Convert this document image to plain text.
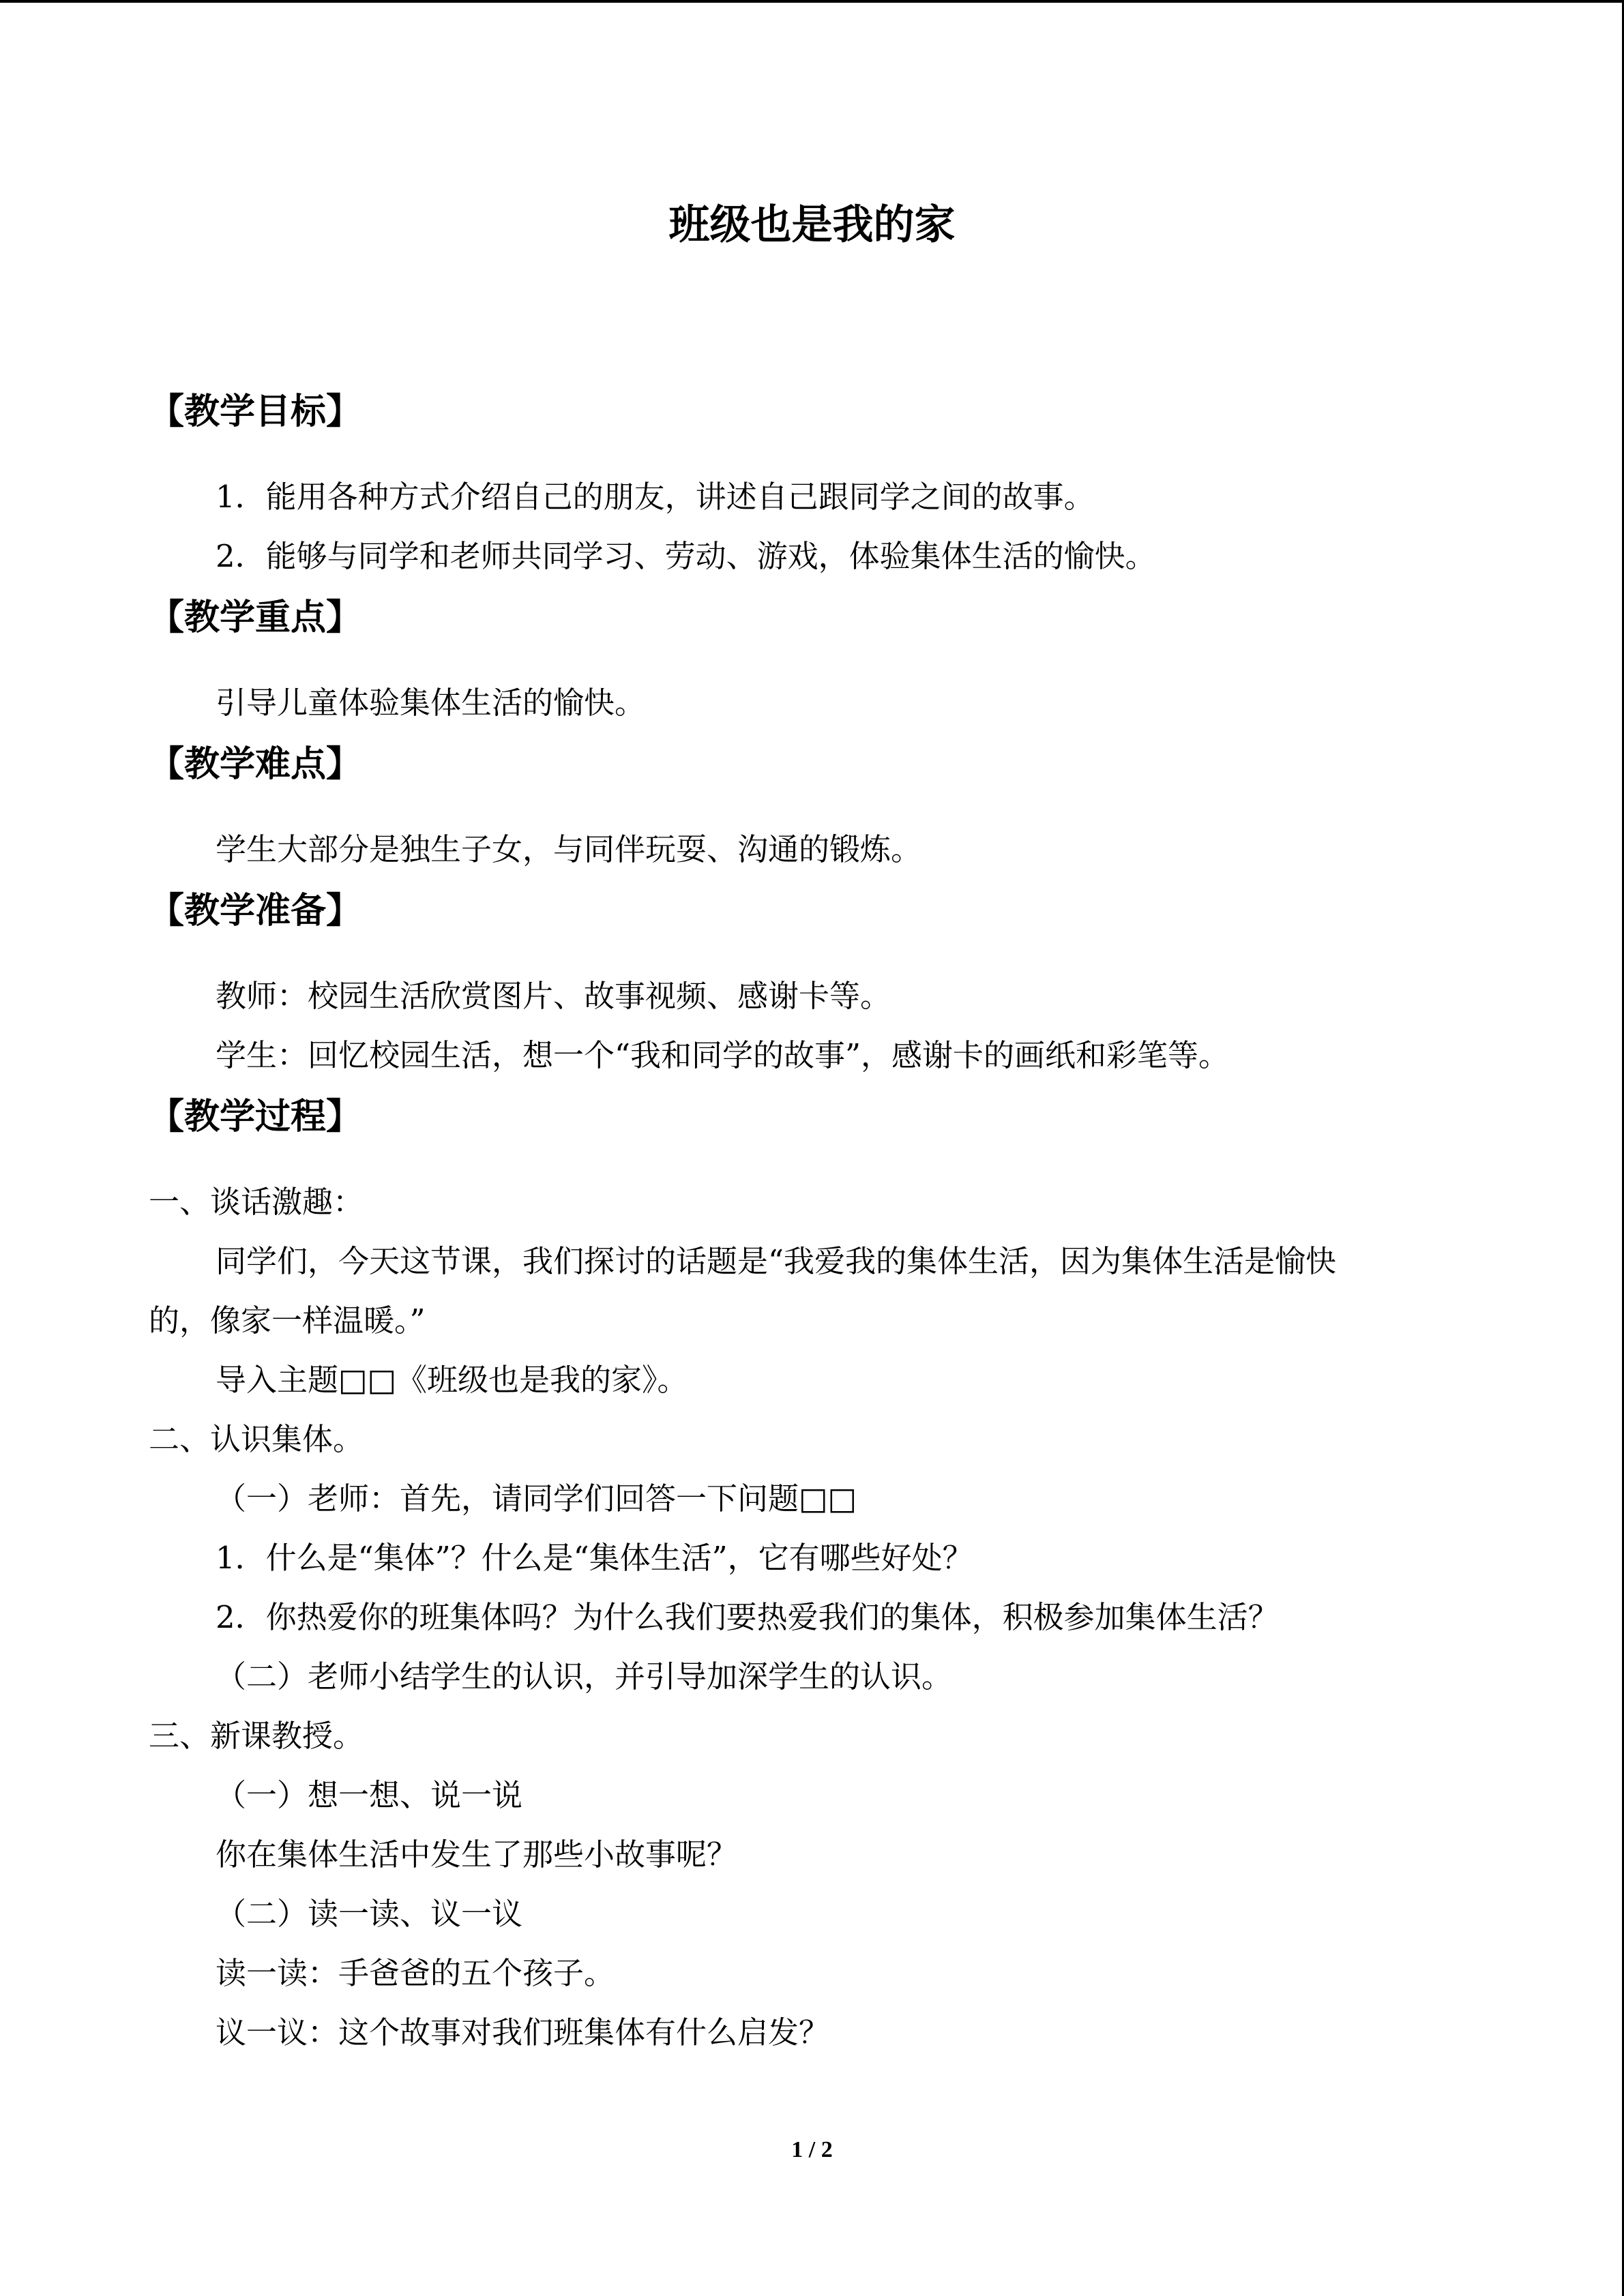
班级也是我的家
【教学目标】
1．能用各种方式介绍自己的朋友，讲述自己跟同学之间的故事。
2．能够与同学和老师共同学习、劳动、游戏，体验集体生活的愉快。
【教学重点】
引导儿童体验集体生活的愉快。
【教学难点】
学生大部分是独生子女，与同伴玩耍、沟通的锻炼。
【教学准备】
教师：校园生活欣赏图片、故事视频、感谢卡等。
学生：回忆校园生活，想一个“我和同学的故事”，感谢卡的画纸和彩笔等。
【教学过程】
一、谈话激趣：
同学们，今天这节课，我们探讨的话题是“我爱我的集体生活，因为集体生活是愉快
的，像家一样温暖。”
导入主题□□《班级也是我的家》。
二、认识集体。
（一）老师：首先，请同学们回答一下问题□□
1．什么是“集体”？什么是“集体生活”，它有哪些好处？
2．你热爱你的班集体吗？为什么我们要热爱我们的集体，积极参加集体生活？
（二）老师小结学生的认识，并引导加深学生的认识。
三、新课教授。
（一）想一想、说一说
你在集体生活中发生了那些小故事呢？
（二）读一读、议一议
读一读：手爸爸的五个孩子。
议一议：这个故事对我们班集体有什么启发？
1 / 2
